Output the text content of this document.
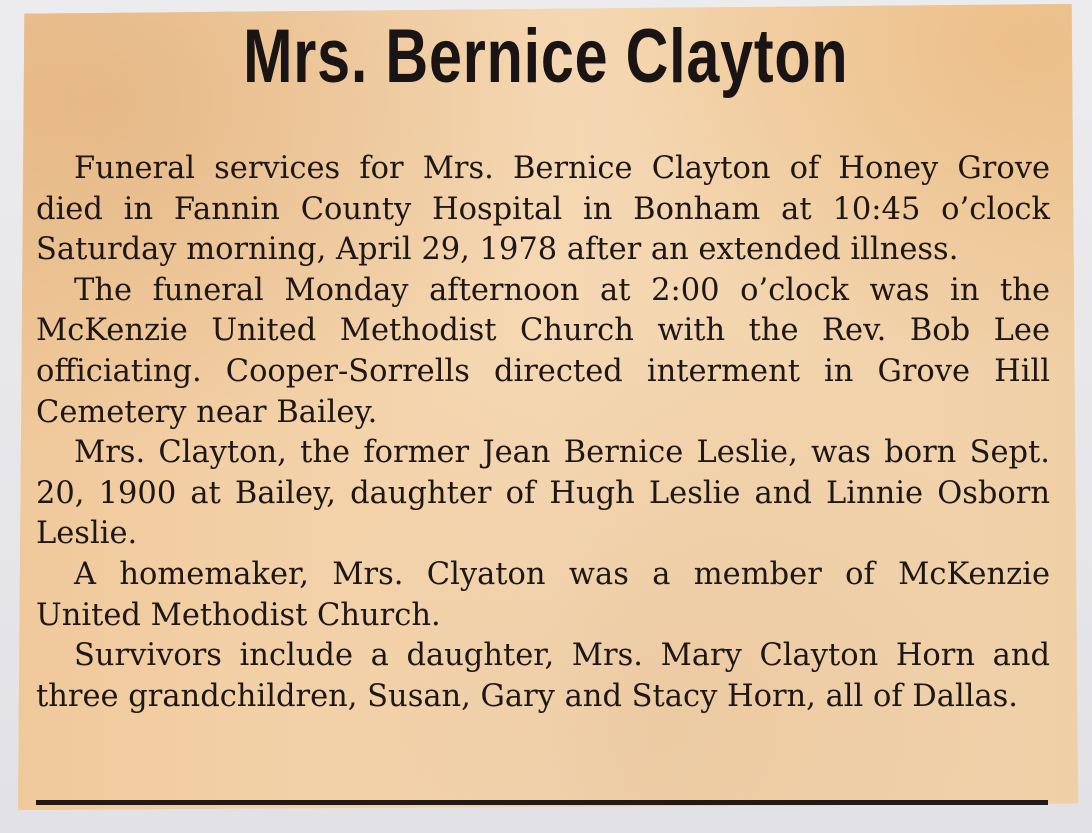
Mrs. Bernice Clayton

Funeral services for Mrs. Bernice Clayton of Honey Grove died in Fannin County Hospital in Bonham at 10:45 o’clock Saturday morning, April 29, 1978 after an extended illness.

The funeral Monday afternoon at 2:00 o’clock was in the McKenzie United Methodist Church with the Rev. Bob Lee officiating. Cooper-Sorrells directed interment in Grove Hill Cemetery near Bailey.

Mrs. Clayton, the former Jean Bernice Leslie, was born Sept. 20, 1900 at Bailey, daughter of Hugh Leslie and Linnie Osborn Leslie.

A homemaker, Mrs. Clyaton was a member of McKenzie United Methodist Church.

Survivors include a daughter, Mrs. Mary Clayton Horn and three grandchildren, Susan, Gary and Stacy Horn, all of Dallas.
